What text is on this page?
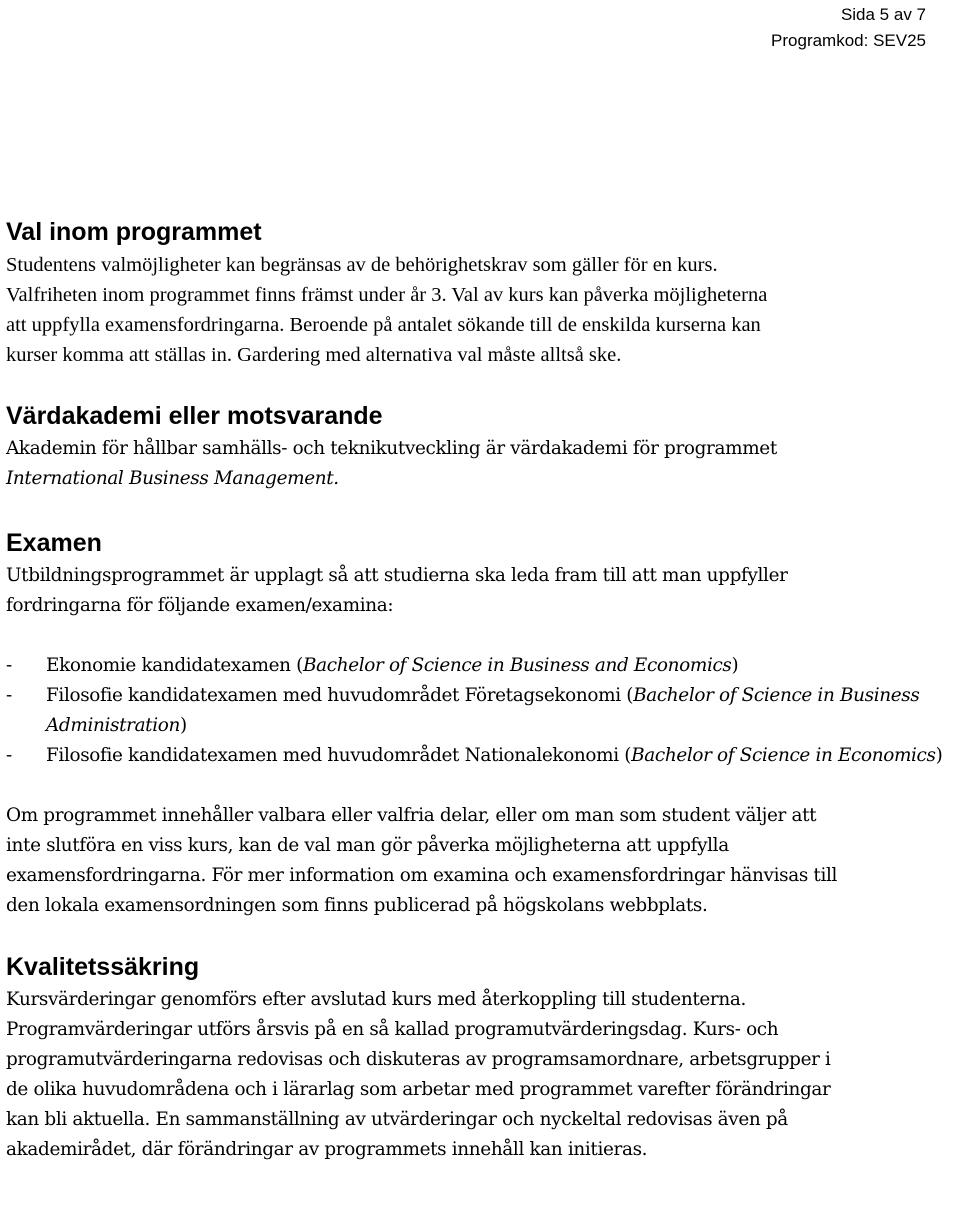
Sida 5 av 7
Programkod: SEV25
Val inom programmet

Studentens valmöjligheter kan begränsas av de behörighetskrav som gäller för en kurs.
Valfriheten inom programmet finns främst under år 3. Val av kurs kan påverka möjligheterna
att uppfylla examensfordringarna. Beroende på antalet sökande till de enskilda kurserna kan
kurser komma att ställas in. Gardering med alternativa val måste alltså ske.

Värdakademi eller motsvarande

Akademin för hållbar samhälls- och teknikutveckling är värdakademi för programmet
International Business Management.

Examen

Utbildningsprogrammet är upplagt så att studierna ska leda fram till att man uppfyller
fordringarna för följande examen/examina:

- Ekonomie kandidatexamen (Bachelor of Science in Business and Economics)
- Filosofie kandidatexamen med huvudområdet Företagsekonomi (Bachelor of Science in Business Administration)
- Filosofie kandidatexamen med huvudområdet Nationalekonomi (Bachelor of Science in Economics)

Om programmet innehåller valbara eller valfria delar, eller om man som student väljer att
inte slutföra en viss kurs, kan de val man gör påverka möjligheterna att uppfylla
examensfordringarna. För mer information om examina och examensfordringar hänvisas till
den lokala examensordningen som finns publicerad på högskolans webbplats.

Kvalitetssäkring

Kursvärderingar genomförs efter avslutad kurs med återkoppling till studenterna.
Programvärderingar utförs årsvis på en så kallad programutvärderingsdag. Kurs- och
programutvärderingarna redovisas och diskuteras av programsamordnare, arbetsgrupper i
de olika huvudområdena och i lärarlag som arbetar med programmet varefter förändringar
kan bli aktuella. En sammanställning av utvärderingar och nyckeltal redovisas även på
akademirådet, där förändringar av programmets innehåll kan initieras.
